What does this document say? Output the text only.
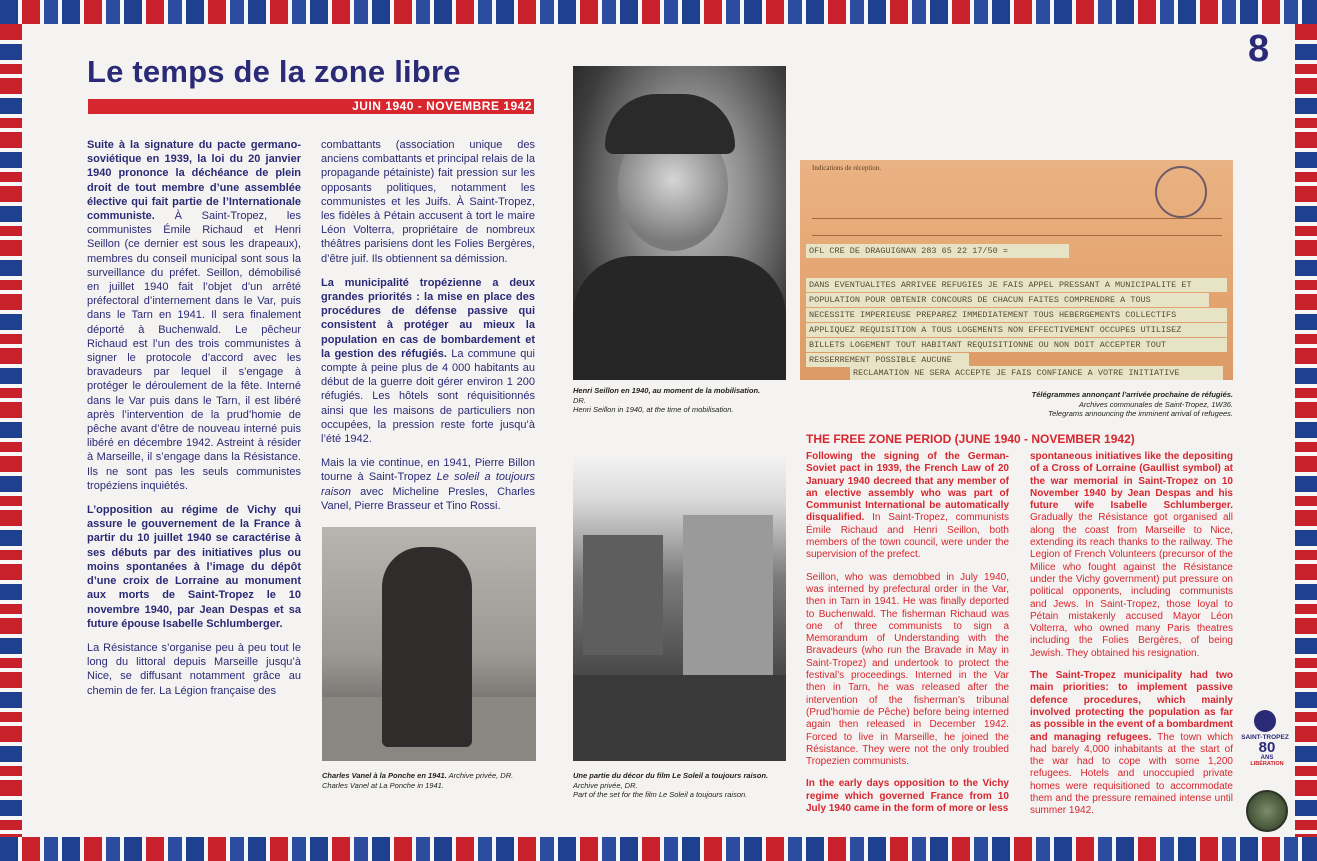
8
Le temps de la zone libre
JUIN 1940 - NOVEMBRE 1942

Suite à la signature du pacte germano-soviétique en 1939, la loi du 20 janvier 1940 prononce la déchéance de plein droit de tout membre d’une assemblée élective qui fait partie de l’Internationale communiste. À Saint-Tropez, les communistes Émile Richaud et Henri Seillon (ce dernier est sous les drapeaux), membres du conseil municipal sont sous la surveillance du préfet. Seillon, démobilisé en juillet 1940 fait l’objet d’un arrêté préfectoral d’internement dans le Var, puis dans le Tarn en 1941. Il sera finalement déporté à Buchenwald. Le pêcheur Richaud est l’un des trois communistes à signer le protocole d’accord avec les bravadeurs par lequel il s’engage à protéger le déroulement de la fête. Interné dans le Var puis dans le Tarn, il est libéré après l’intervention de la prud’homie de pêche avant d’être de nouveau interné puis libéré en décembre 1942. Astreint à résider à Marseille, il s’engage dans la Résistance. Ils ne sont pas les seuls communistes tropéziens inquiétés.

L’opposition au régime de Vichy qui assure le gouvernement de la France à partir du 10 juillet 1940 se caractérise à ses débuts par des initiatives plus ou moins spontanées à l’image du dépôt d’une croix de Lorraine au monument aux morts de Saint-Tropez le 10 novembre 1940, par Jean Despas et sa future épouse Isabelle Schlumberger.

La Résistance s’organise peu à peu tout le long du littoral depuis Marseille jusqu’à Nice, se diffusant notamment grâce au chemin de fer. La Légion française des

combattants (association unique des anciens combattants et principal relais de la propagande pétainiste) fait pression sur les opposants politiques, notamment les communistes et les Juifs. À Saint-Tropez, les fidèles à Pétain accusent à tort le maire Léon Volterra, propriétaire de nombreux théâtres parisiens dont les Folies Bergères, d’être juif. Ils obtiennent sa démission.

La municipalité tropézienne a deux grandes priorités : la mise en place des procédures de défense passive qui consistent à protéger au mieux la population en cas de bombardement et la gestion des réfugiés. La commune qui compte à peine plus de 4 000 habitants au début de la guerre doit gérer environ 1 200 réfugiés. Les hôtels sont réquisitionnés ainsi que les maisons de particuliers non occupées, la pression reste forte jusqu’à l’été 1942.

Mais la vie continue, en 1941, Pierre Billon tourne à Saint-Tropez Le soleil a toujours raison avec Micheline Presles, Charles Vanel, Pierre Brasseur et Tino Rossi.

Henri Seillon en 1940, au moment de la mobilisation.
DR.
Henri Seillon in 1940, at the time of mobilisation.
Indications de réception.
OFL CRE DE DRAGUIGNAN 283 65 22 17/50 =
DANS EVENTUALITES ARRIVEE REFUGIES JE FAIS APPEL PRESSANT A MUNICIPALITE ET
POPULATION POUR OBTENIR CONCOURS DE CHACUN FAITES COMPRENDRE A TOUS
NECESSITE IMPERIEUSE PREPAREZ IMMEDIATEMENT TOUS HEBERGEMENTS COLLECTIFS
APPLIQUEZ REQUISITION A TOUS LOGEMENTS NON EFFECTIVEMENT OCCUPES UTILISEZ
BILLETS LOGEMENT TOUT HABITANT REQUISITIONNE OU NON DOIT ACCEPTER TOUT
RESSERREMENT POSSIBLE AUCUNE
RECLAMATION NE SERA ACCEPTE JE FAIS CONFIANCE A VOTRE INITIATIVE
Télégrammes annonçant l’arrivée prochaine de réfugiés. Archives communales de Saint-Tropez, 1W36.
Telegrams announcing the imminent arrival of refugees.
Charles Vanel à la Ponche en 1941. Archive privée, DR.
Charles Vanel at La Ponche in 1941.
Une partie du décor du film Le Soleil a toujours raison. Archive privée, DR.
Part of the set for the film Le Soleil a toujours raison.
THE FREE ZONE PERIOD (JUNE 1940 - NOVEMBER 1942)

Following the signing of the German-Soviet pact in 1939, the French Law of 20 January 1940 decreed that any member of an elective assembly who was part of Communist International be automatically disqualified. In Saint-Tropez, communists Émile Richaud and Henri Seillon, both members of the town council, were under the supervision of the prefect.

Seillon, who was demobbed in July 1940, was interned by prefectural order in the Var, then in Tarn in 1941. He was finally deported to Buchenwald. The fisherman Richaud was one of three communists to sign a Memorandum of Understanding with the Bravadeurs (who run the Bravade in May in Saint-Tropez) and undertook to protect the festival’s proceedings. Interned in the Var then in Tarn, he was released after the intervention of the fisherman’s tribunal (Prud’homie de Pêche) before being interned again then released in December 1942. Forced to live in Marseille, he joined the Résistance. They were not the only troubled Tropezien communists.

In the early days opposition to the Vichy regime which governed France from 10 July 1940 came in the form of more or less

spontaneous initiatives like the depositing of a Cross of Lorraine (Gaullist symbol) at the war memorial in Saint-Tropez on 10 November 1940 by Jean Despas and his future wife Isabelle Schlumberger. Gradually the Résistance got organised all along the coast from Marseille to Nice, extending its reach thanks to the railway. The Legion of French Volunteers (precursor of the Milice who fought against the Résistance under the Vichy government) put pressure on political opponents, including communists and Jews. In Saint-Tropez, those loyal to Pétain mistakenly accused Mayor Léon Volterra, who owned many Paris theatres including the Folies Bergères, of being Jewish. They obtained his resignation.

The Saint-Tropez municipality had two main priorities: to implement passive defence procedures, which mainly involved protecting the population as far as possible in the event of a bombardment and managing refugees. The town which had barely 4,000 inhabitants at the start of the war had to cope with some 1,200 refugees. Hotels and unoccupied private homes were requisitioned to accommodate them and the pressure remained intense until summer 1942.

SAINT-TROPEZ
80
ANS
LIBÉRATION
